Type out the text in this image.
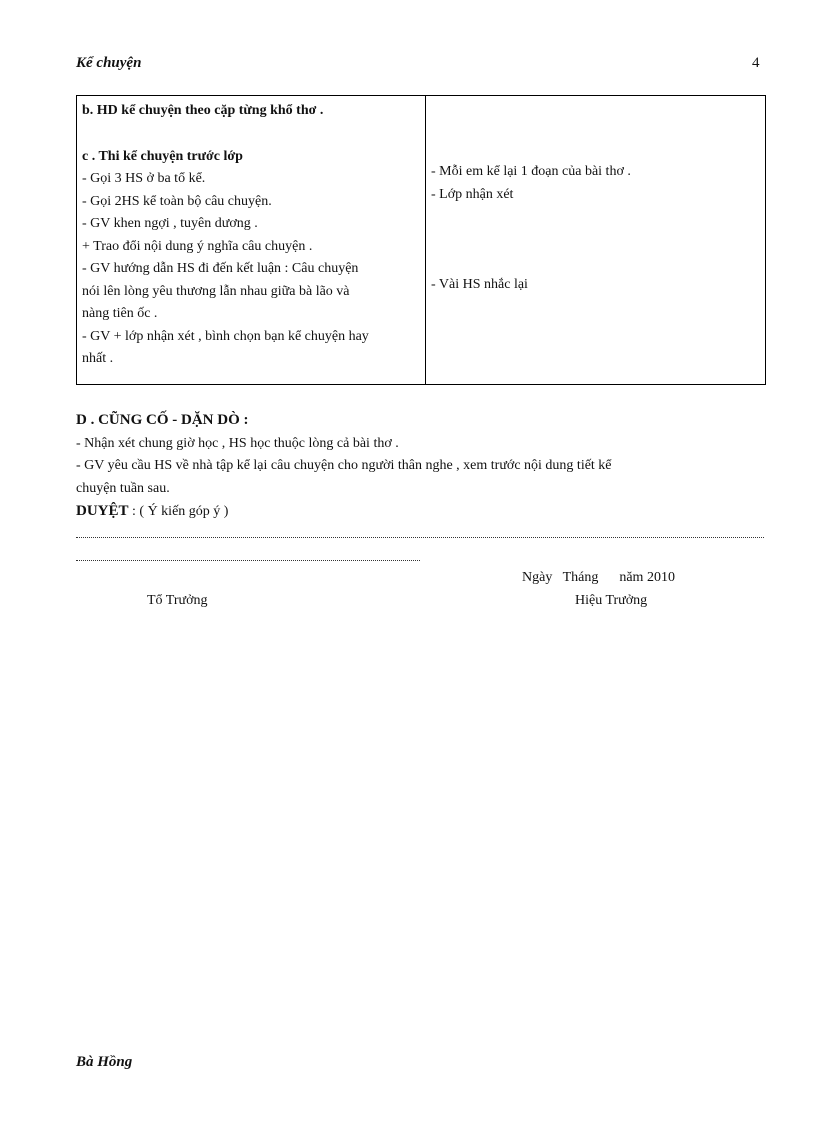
Kể chuyện	4
b. HD kể chuyện theo cặp từng khổ thơ .
c . Thi kể chuyện trước lớp
- Gọi 3 HS ở ba tổ kể.
- Gọi 2HS kể toàn bộ câu chuyện.
- GV khen ngợi , tuyên dương .
+ Trao đổi nội dung ý nghĩa câu chuyện .
- GV hướng dẫn HS đi đến kết luận : Câu chuyện
nói lên lòng yêu thương lẫn nhau giữa bà lão và
nàng tiên ốc .
- GV + lớp nhận xét , bình chọn bạn kể chuyện hay
nhất .
- Mỗi em kể lại 1 đoạn của bài thơ .
- Lớp nhận xét
- Vài HS nhắc lại
D . CŨNG CỐ - DẶN DÒ :
- Nhận xét chung giờ học , HS học thuộc lòng cả bài thơ .
- GV yêu cầu HS về nhà tập kể lại câu chuyện cho người thân nghe , xem trước nội dung tiết kể
chuyện tuần sau.
DUYỆT : ( Ý kiến góp ý )
Ngày   Tháng      năm 2010
Tổ Trưởng	Hiệu Trưởng
Bà Hồng
